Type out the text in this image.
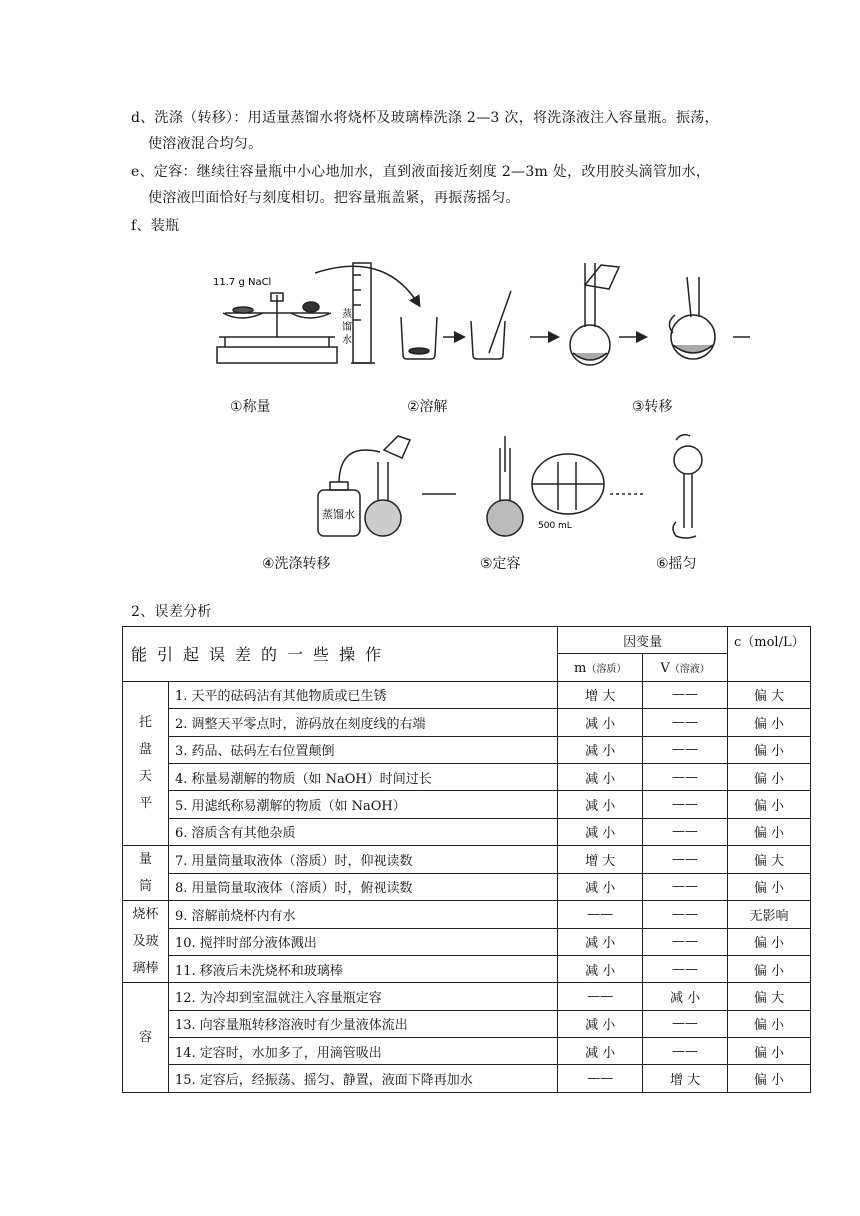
d、洗涤（转移）：用适量蒸馏水将烧杯及玻璃棒洗涤 2—3 次，将洗涤液注入容量瓶。振荡，
使溶液混合均匀。
e、定容：继续往容量瓶中小心地加水，直到液面接近刻度 2—3m 处，改用胶头滴管加水，
使溶液凹面恰好与刻度相切。把容量瓶盖紧，再振荡摇匀。
f、装瓶
11.7 g NaCl
蒸
馏
水
①称量	②溶解	③转移
蒸馏水
500 mL
④洗涤转移	⑤定容	⑥摇匀
2、误差分析
能引起误差的一些操作		因变量		c（mol/L）
		m（溶质）	V（溶液）	

托
盘
天
平	1. 天平的砝码沾有其他物质或已生锈	增 大	——	偏 大
	2. 调整天平零点时，游码放在刻度线的右端	减 小	——	偏 小
	3. 药品、砝码左右位置颠倒	减 小	——	偏 小
	4. 称量易潮解的物质（如 NaOH）时间过长	减 小	——	偏 小
	5. 用滤纸称易潮解的物质（如 NaOH）	减 小	——	偏 小
	6. 溶质含有其他杂质	减 小	——	偏 小

量
筒	7. 用量筒量取液体（溶质）时，仰视读数	增 大	——	偏 大
	8. 用量筒量取液体（溶质）时，俯视读数	减 小	——	偏 小

烧杯
及玻
璃棒	9. 溶解前烧杯内有水	——	——	无影响
	10. 搅拌时部分液体溅出	减 小	——	偏 小
	11. 移液后未洗烧杯和玻璃棒	减 小	——	偏 小

容	12. 为冷却到室温就注入容量瓶定容	——	减 小	偏 大
	13. 向容量瓶转移溶液时有少量液体流出	减 小	——	偏 小
	14. 定容时，水加多了，用滴管吸出	减 小	——	偏 小
	15. 定容后，经振荡、摇匀、静置，液面下降再加水	——	增 大	偏 小
